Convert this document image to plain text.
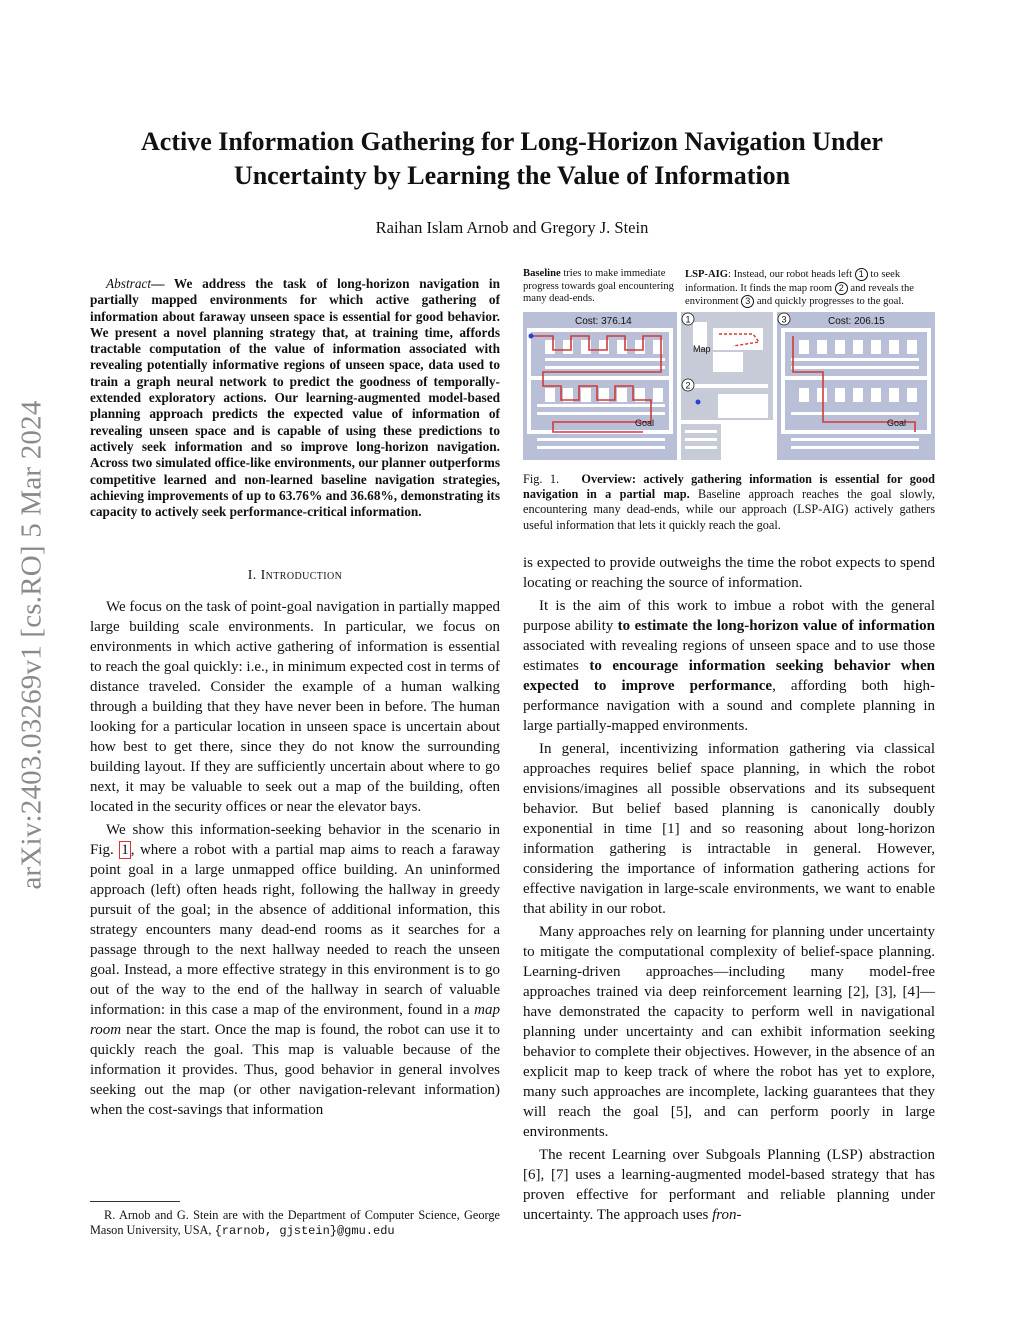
arXiv:2403.03269v1 [cs.RO] 5 Mar 2024
Active Information Gathering for Long-Horizon Navigation Under
Uncertainty by Learning the Value of Information
Raihan Islam Arnob and Gregory J. Stein
Abstract— We address the task of long-horizon navigation in partially mapped environments for which active gathering of information about faraway unseen space is essential for good behavior. We present a novel planning strategy that, at training time, affords tractable computation of the value of information associated with revealing potentially informative regions of unseen space, data used to train a graph neural network to predict the goodness of temporally-extended exploratory actions. Our learning-augmented model-based planning approach predicts the expected value of information of revealing unseen space and is capable of using these predictions to actively seek information and so improve long-horizon navigation. Across two simulated office-like environments, our planner outperforms competitive learned and non-learned baseline navigation strategies, achieving improvements of up to 63.76% and 36.68%, demonstrating its capacity to actively seek performance-critical information.
I. Introduction

We focus on the task of point-goal navigation in partially mapped large building scale environments. In particular, we focus on environments in which active gathering of information is essential to reach the goal quickly: i.e., in minimum expected cost in terms of distance traveled. Consider the example of a human walking through a building that they have never been in before. The human looking for a particular location in unseen space is uncertain about how best to get there, since they do not know the surrounding building layout. If they are sufficiently uncertain about where to go next, it may be valuable to seek out a map of the building, often located in the security offices or near the elevator bays.

We show this information-seeking behavior in the scenario in Fig. 1 , where a robot with a partial map aims to reach a faraway point goal in a large unmapped office building. An uninformed approach (left) often heads right, following the hallway in greedy pursuit of the goal; in the absence of additional information, this strategy encounters many dead-end rooms as it searches for a passage through to the next hallway needed to reach the unseen goal. Instead, a more effective strategy in this environment is to go out of the way to the end of the hallway in search of valuable information: in this case a map of the environment, found in a map room near the start. Once the map is found, the robot can use it to quickly reach the goal. This map is valuable because of the information it provides. Thus, good behavior in general involves seeking out the map (or other navigation-relevant information) when the cost-savings that information

R. Arnob and G. Stein are with the Department of Computer Science, George Mason University, USA, {rarnob, gjstein}@gmu.edu
Baseline tries to make immediate progress towards goal encountering many dead-ends.
LSP-AIG: Instead, our robot heads left 1 to seek information. It finds the map room 2 and reveals the environment 3 and quickly progresses to the goal.
Cost: 376.14
Goal
Map
1
2
Cost: 206.15
3
Goal
Fig. 1. Overview: actively gathering information is essential for good navigation in a partial map. Baseline approach reaches the goal slowly, encountering many dead-ends, while our approach (LSP-AIG) actively gathers useful information that lets it quickly reach the goal.

is expected to provide outweighs the time the robot expects to spend locating or reaching the source of information.

It is the aim of this work to imbue a robot with the general purpose ability to estimate the long-horizon value of information associated with revealing regions of unseen space and to use those estimates to encourage information seeking behavior when expected to improve performance, affording both high-performance navigation with a sound and complete planning in large partially-mapped environments.

In general, incentivizing information gathering via classical approaches requires belief space planning, in which the robot envisions/imagines all possible observations and its subsequent behavior. But belief based planning is canonically doubly exponential in time [1] and so reasoning about long-horizon information gathering is intractable in general. However, considering the importance of information gathering actions for effective navigation in large-scale environments, we want to enable that ability in our robot.

Many approaches rely on learning for planning under uncertainty to mitigate the computational complexity of belief-space planning. Learning-driven approaches—including many model-free approaches trained via deep reinforcement learning [2], [3], [4]—have demonstrated the capacity to perform well in navigational planning under uncertainty and can exhibit information seeking behavior to complete their objectives. However, in the absence of an explicit map to keep track of where the robot has yet to explore, many such approaches are incomplete, lacking guarantees that they will reach the goal [5], and can perform poorly in large environments.

The recent Learning over Subgoals Planning (LSP) abstraction [6], [7] uses a learning-augmented model-based strategy that has proven effective for performant and reliable planning under uncertainty. The approach uses fron-
